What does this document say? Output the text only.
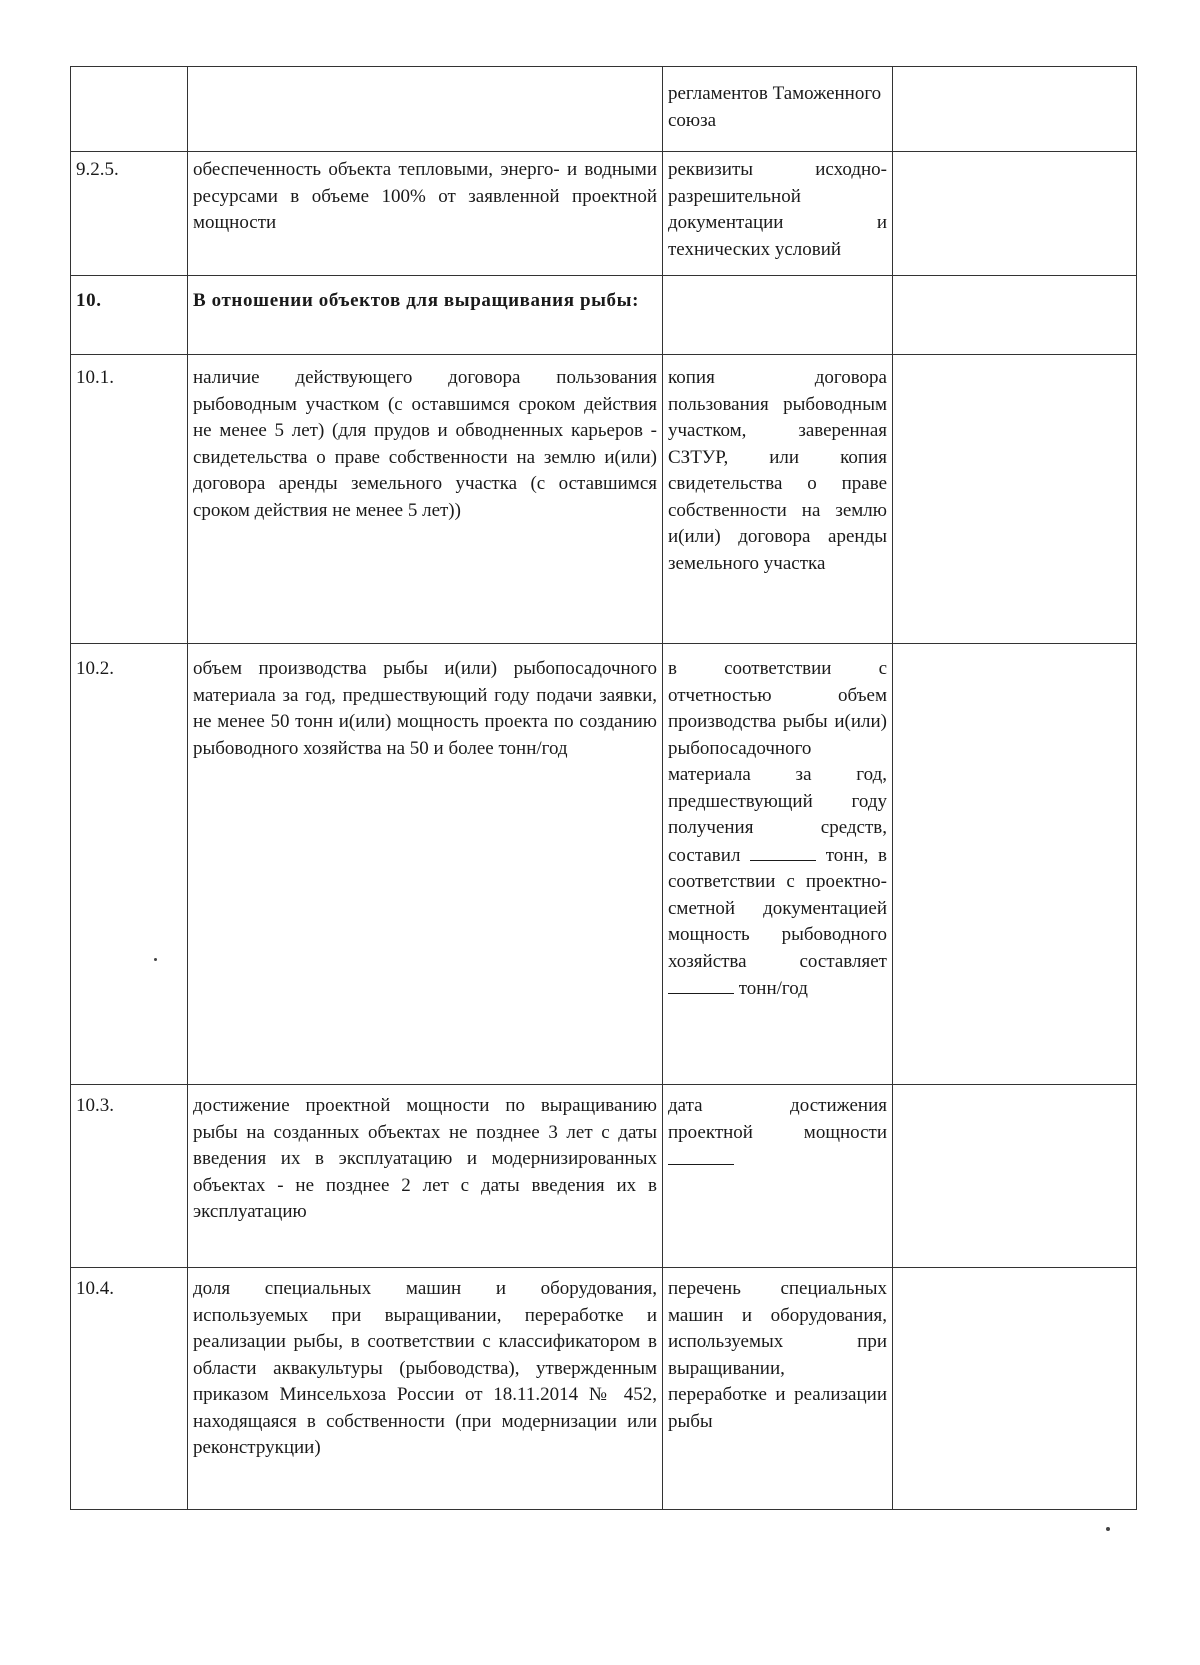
		регламентов Таможенного союза	
9.2.5.	обеспеченность объекта тепловыми, энерго- и водными ресурсами в объеме 100% от заявленной проектной мощности	реквизиты исходно-разрешительной документации и технических условий	
10.	В отношении объектов для выращивания рыбы:		
10.1.	наличие действующего договора пользования рыбоводным участком (с оставшимся сроком действия не менее 5 лет) (для прудов и обводненных карьеров - свидетельства о праве собственности на землю и(или) договора аренды земельного участка (с оставшимся сроком действия не менее 5 лет))	копия договора пользования рыбоводным участком, заверенная СЗТУР, или копия свидетельства о праве собственности на землю и(или) договора аренды земельного участка	
10.2.	объем производства рыбы и(или) рыбопосадочного материала за год, предшествующий году подачи заявки, не менее 50 тонн и(или) мощность проекта по созданию рыбоводного хозяйства на 50 и более тонн/год	в соответствии с отчетностью объем производства рыбы и(или) рыбопосадочного материала за год, предшествующий году получения средств, составил тонн, в соответствии с проектно-сметной документацией мощность рыбоводного хозяйства составляет  тонн/год	
10.3.	достижение проектной мощности по выращиванию рыбы на созданных объектах не позднее 3 лет с даты введения их в эксплуатацию и модернизированных объектах - не позднее 2 лет с даты введения их в эксплуатацию	дата достижения проектной мощности	
10.4.	доля специальных машин и оборудования, используемых при выращивании, переработке и реализации рыбы, в соответствии с классификатором в области аквакультуры (рыбоводства), утвержденным приказом Минсельхоза России от 18.11.2014 № 452, находящаяся в собственности (при модернизации или реконструкции)	перечень специальных машин и оборудования, используемых при выращивании, переработке и реализации рыбы	
